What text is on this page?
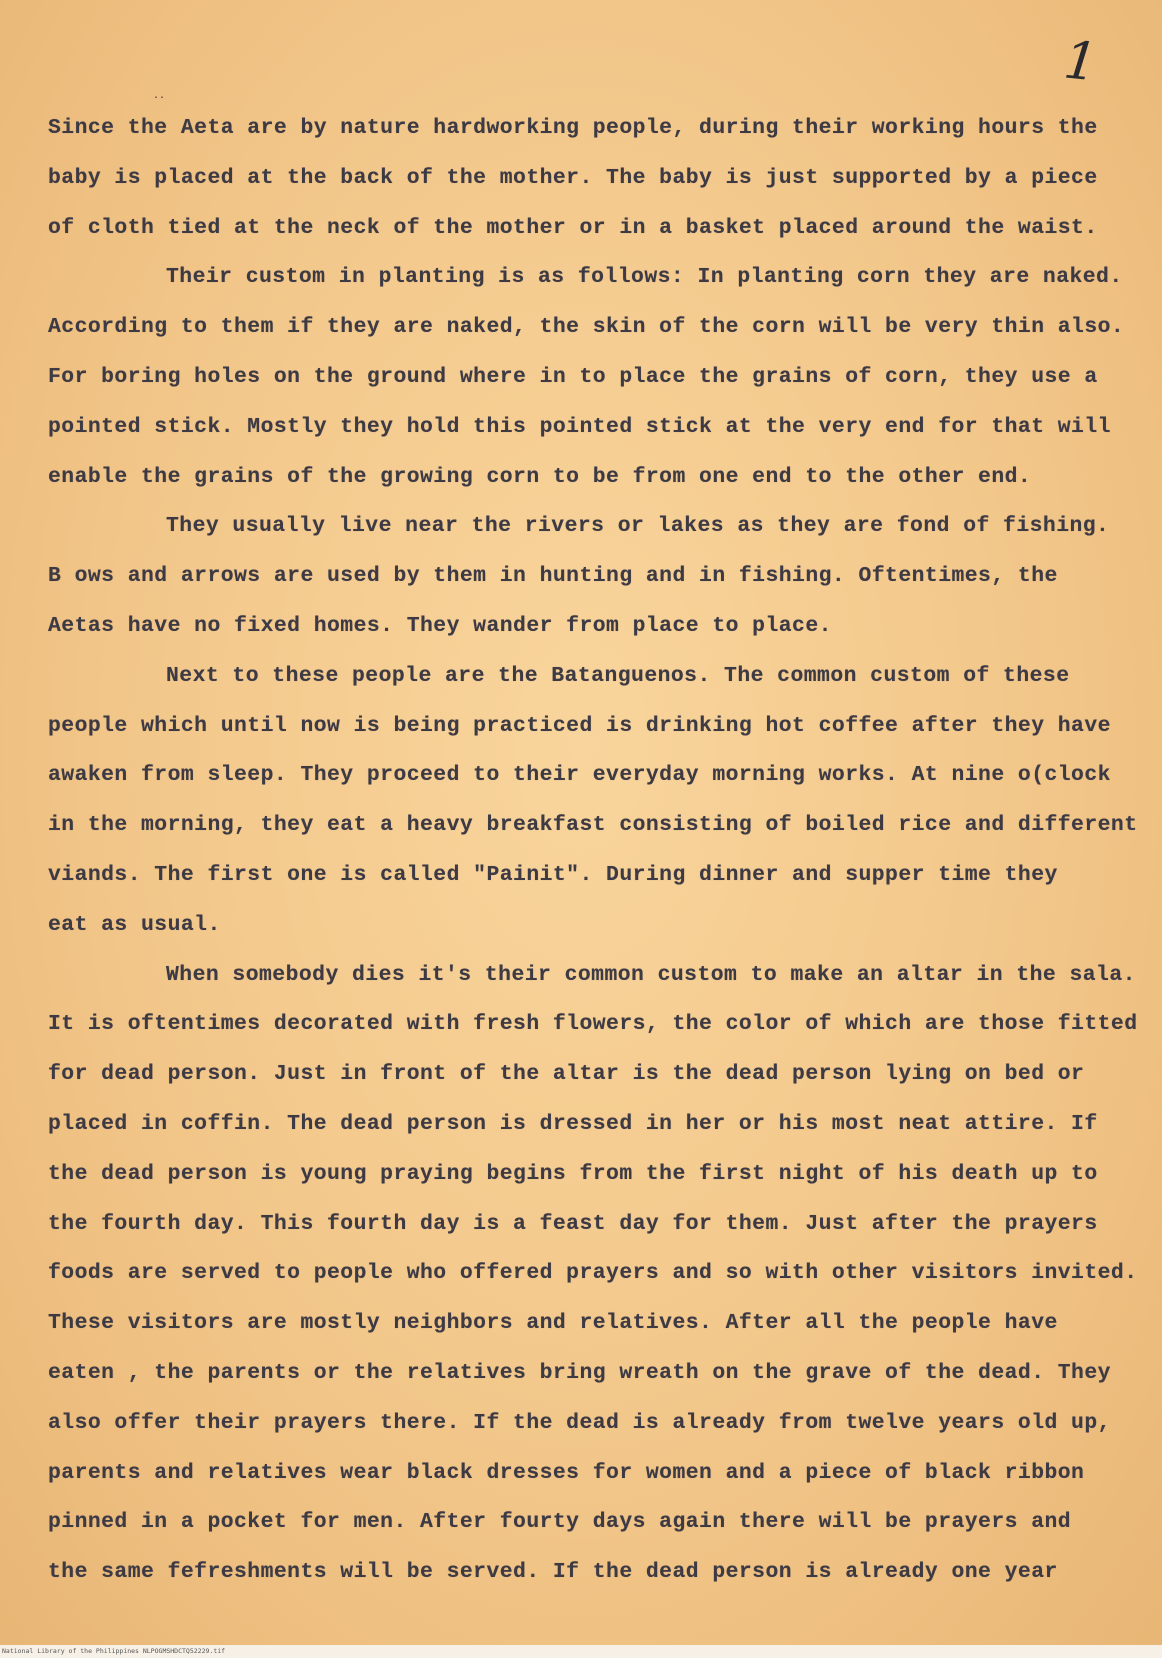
1
..
Since the Aeta are by nature hardworking people, during their working hours the
baby is placed at the back of the mother. The baby is just supported by a piece
of cloth tied at the neck of the mother or in a basket placed around the waist.
Their custom in planting is as follows: In planting corn they are naked.
According to them if they are naked, the skin of the corn will be very thin also.
For boring holes on the ground where in to place the grains of corn, they use a
pointed stick. Mostly they hold this pointed stick at the very end for that will
enable the grains of the growing corn to be from one end to the other end.
They usually live near the rivers or lakes as they are fond of fishing.
B ows and arrows are used by them in hunting and in fishing. Oftentimes, the
Aetas have no fixed homes. They wander from place to place.
Next to these people are the Batanguenos. The common custom of these
people which until now is being practiced is drinking hot coffee after they have
awaken from sleep. They proceed to their everyday morning works. At nine o(clock
in the morning, they eat a heavy breakfast consisting of boiled rice and different
viands. The first one is called "Painit". During dinner and supper time they
eat as usual.
When somebody dies it's their common custom to make an altar in the sala.
It is oftentimes decorated with fresh flowers, the color of which are those fitted
for dead person. Just in front of the altar is the dead person lying on bed or
placed in coffin. The dead person is dressed in her or his most neat attire. If
the dead person is young praying begins from the first night of his death up to
the fourth day. This fourth day is a feast day for them. Just after the prayers
foods are served to people who offered prayers and so with other visitors invited.
These visitors are mostly neighbors and relatives. After all the people have
eaten , the parents or the relatives bring wreath on the grave of the dead. They
also offer their prayers there. If the dead is already from twelve years old up,
parents and relatives wear black dresses for women and a piece of black ribbon
pinned in a pocket for men. After fourty days again there will be prayers and
the same fefreshments will be served. If the dead person is already one year
National Library of the Philippines NLPOGMSHDCTQ52229.tif
